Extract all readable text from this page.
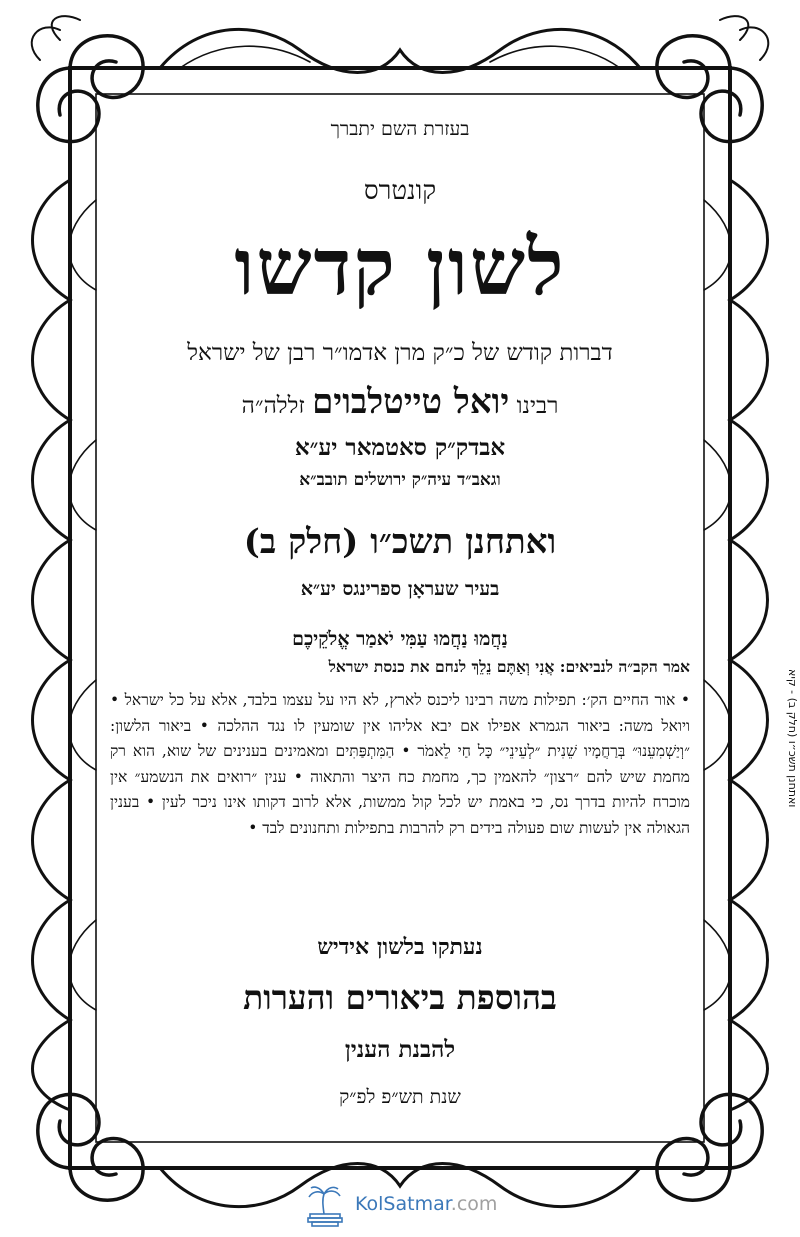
בעזרת השם יתברך
קונטרס
לשון קדשו
דברות קודש של כ״ק מרן אדמו״ר רבן של ישראל
רבינו יואל טייטלבוים זללה״ה
אבדק״ק סאטמאר יע״א
וגאב״ד עיה״ק ירושלים תובב״א
ואתחנן תשכ״ו (חלק ב)
בעיר שעראָן ספרינגס יע״א
נַחֲמוּ נַחֲמוּ עַמִּי יֹאמַר אֱלֹקֵיכֶם
אמר הקב״ה לנביאים: אֲנִי וְאַתֶּם נֵלֵךְ לנחם את כנסת ישראל

• אור החיים הק׳: תפילות משה רבינו ליכנס לארץ, לא היו על עצמו בלבד, אלא על כל ישראל • ויואל משה: ביאור הגמרא אפילו אם יבא אליהו אין שומעין לו נגד ההלכה • ביאור הלשון: ״וְיַשְׁמִעֵנוּ״ בְּרַחֲמָיו שֵׁנִית ״לְעֵינֵי״ כָּל חַי לֵאמֹר • הַמִּתְפַּתִּים ומאמינים בענינים של שוא, הוא רק מחמת שיש להם ״רצון״ להאמין כך, מחמת כח היצר והתאוה • ענין ״רואים את הנשמע״ אין מוכרח להיות בדרך נס, כי באמת יש לכל קול ממשות, אלא לרוב דקותו אינו ניכר לעין • בענין הגאולה אין לעשות שום פעולה בידים רק להרבות בתפילות ותחנונים לבד •

נעתקו בלשון אידיש
בהוספת ביאורים והערות
להבנת הענין
שנת תש״פ לפ״ק
ואתחנן תשכ״ו (חלק ב) - קיא
KolSatmar.com
